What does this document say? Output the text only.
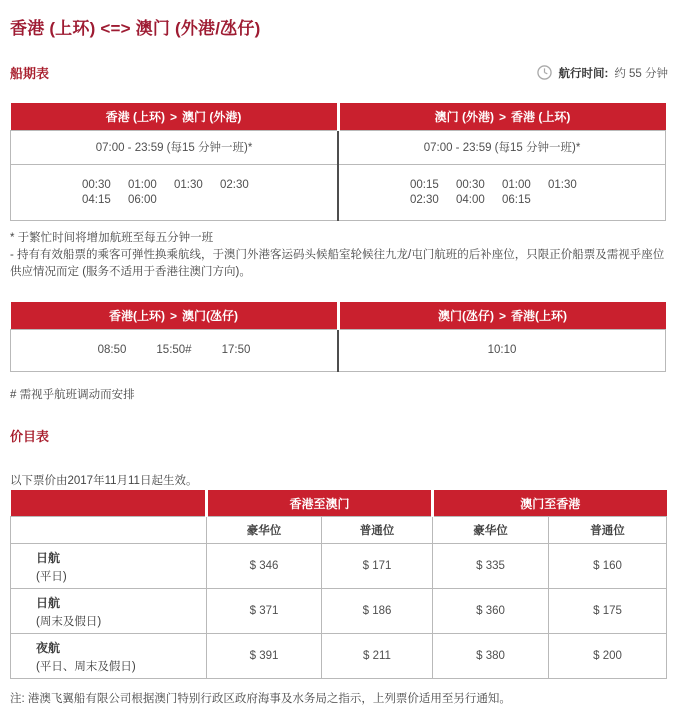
香港 (上环) <=> 澳门 (外港/氹仔)
船期表	航行时间: 约 55 分钟
香港 (上环) > 澳门 (外港)	澳门 (外港) > 香港 (上环)
07:00 - 23:59 (每15 分钟一班)*	07:00 - 23:59 (每15 分钟一班)*

00:30	01:00	01:30	02:30
04:15	06:00

00:15	00:30	01:00	01:30
02:30	04:00	06:15
* 于繁忙时间将增加航班至每五分钟一班
- 持有有效船票的乘客可弹性换乘航线，于澳门外港客运码头候船室轮候往九龙/屯门航班的后补座位，只限正价船票及需视乎座位供应情况而定 (服务不适用于香港往澳门方向)。
香港(上环) > 澳门(氹仔)	澳门(氹仔) > 香港(上环)

08:50 15:50# 17:50	10:10
# 需视乎航班调动而安排
价目表
以下票价由2017年11月11日起生效。
	香港至澳门		澳门至香港	
	豪华位	普通位	豪华位	普通位

日航
(平日)	$ 346	$ 171	$ 335	$ 160

日航
(周末及假日)	$ 371	$ 186	$ 360	$ 175

夜航
(平日、周末及假日)	$ 391	$ 211	$ 380	$ 200
注: 港澳飞翼船有限公司根据澳门特别行政区政府海事及水务局之指示，上列票价适用至另行通知。
